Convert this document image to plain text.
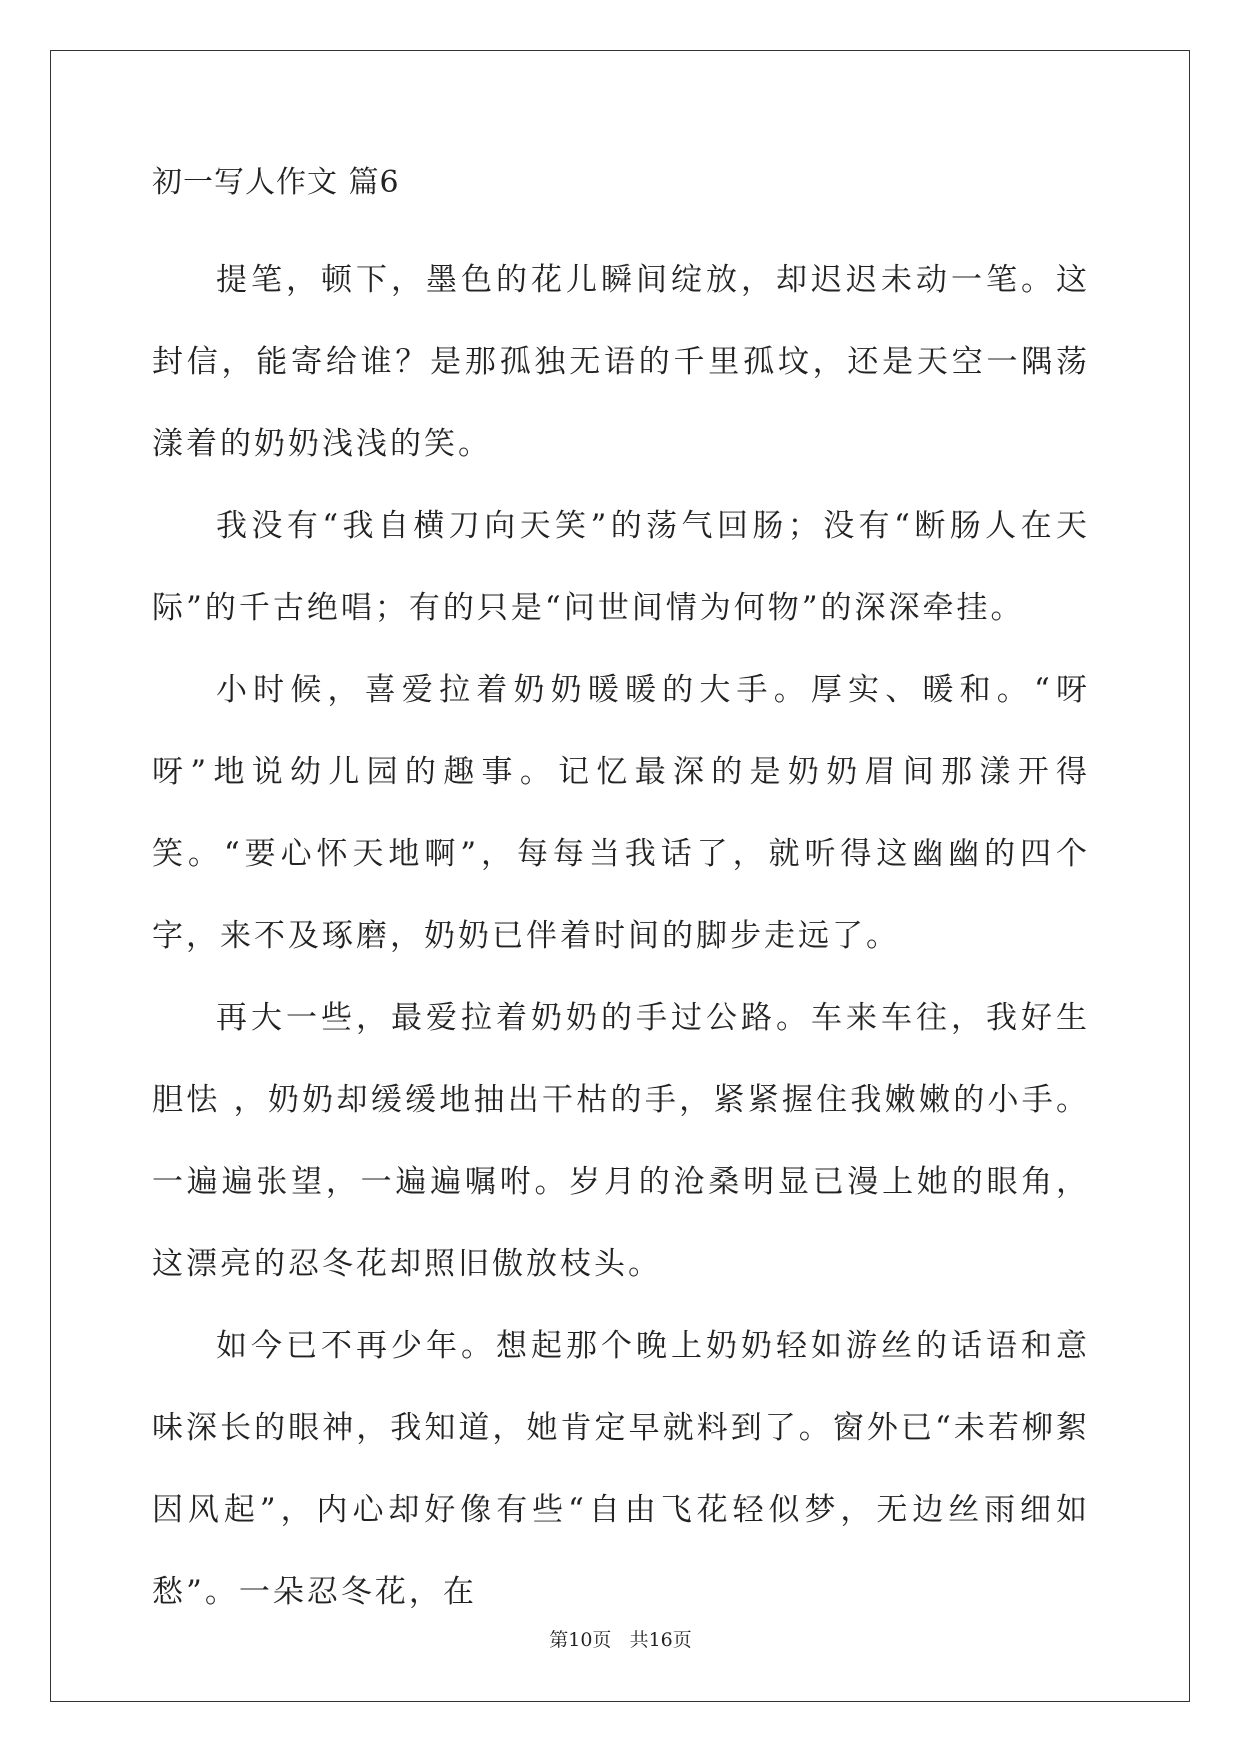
初一写人作文 篇6

提笔，顿下，墨色的花儿瞬间绽放，却迟迟未动一笔。这封信，能寄给谁？是那孤独无语的千里孤坟，还是天空一隅荡漾着的奶奶浅浅的笑。

我没有“我自横刀向天笑”的荡气回肠；没有“断肠人在天际”的千古绝唱；有的只是“问世间情为何物”的深深牵挂。

小时候，喜爱拉着奶奶暖暖的大手。厚实、暖和。“呀呀”地说幼儿园的趣事。记忆最深的是奶奶眉间那漾开得笑。“要心怀天地啊”，每每当我话了，就听得这幽幽的四个字，来不及琢磨，奶奶已伴着时间的脚步走远了。

再大一些，最爱拉着奶奶的手过公路。车来车往，我好生胆怯 ，奶奶却缓缓地抽出干枯的手，紧紧握住我嫩嫩的小手。一遍遍张望，一遍遍嘱咐。岁月的沧桑明显已漫上她的眼角，这漂亮的忍冬花却照旧傲放枝头。

如今已不再少年。想起那个晚上奶奶轻如游丝的话语和意味深长的眼神，我知道，她肯定早就料到了。窗外已“未若柳絮因风起”，内心却好像有些“自由飞花轻似梦，无边丝雨细如愁”。一朵忍冬花，在

第10页 共16页
